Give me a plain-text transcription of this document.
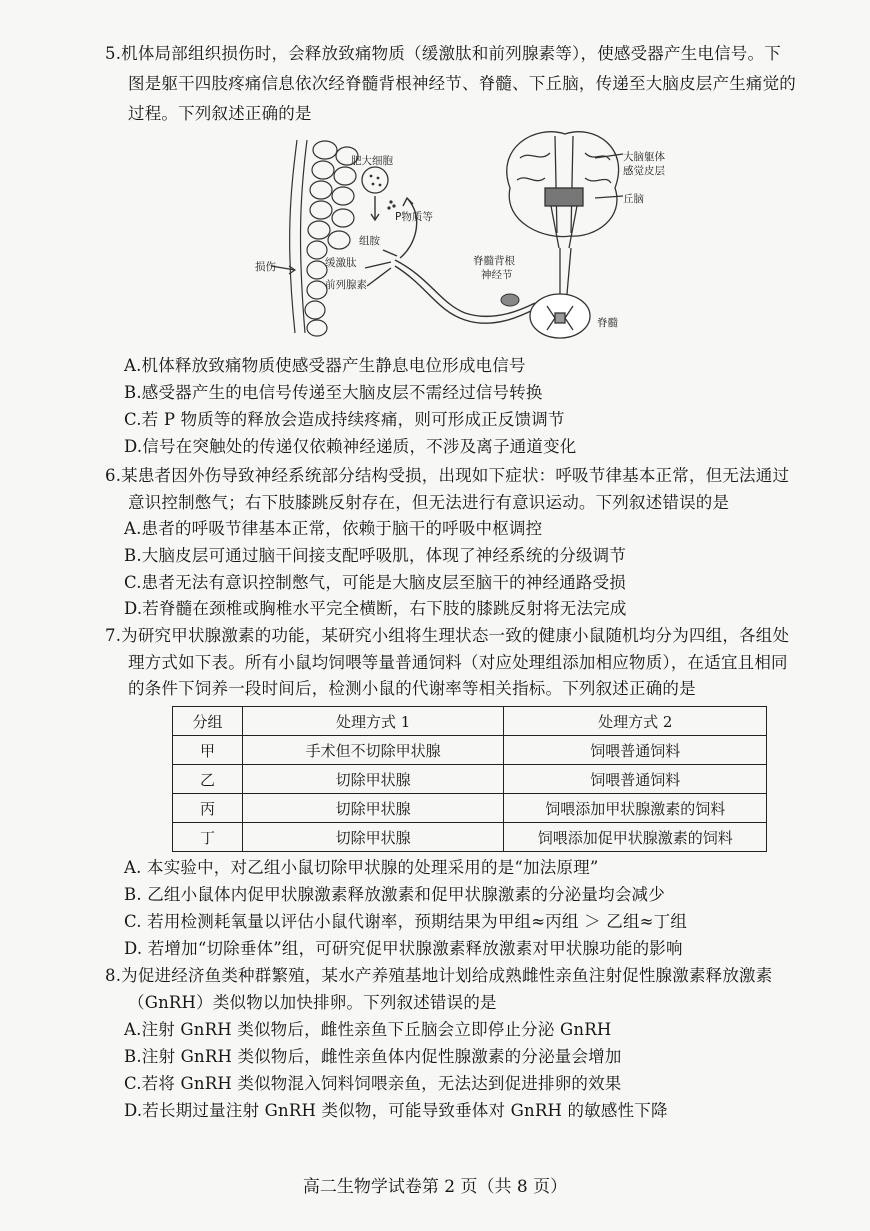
5.机体局部组织损伤时，会释放致痛物质（缓激肽和前列腺素等），使感受器产生电信号。下
图是躯干四肢疼痛信息依次经脊髓背根神经节、脊髓、下丘脑，传递至大脑皮层产生痛觉的
过程。下列叙述正确的是
肥大细胞
P物质等
组胺
缓激肽
前列腺素
损伤
大脑躯体
感觉皮层
丘脑
脊髓背根
神经节
脊髓
A.机体释放致痛物质使感受器产生静息电位形成电信号
B.感受器产生的电信号传递至大脑皮层不需经过信号转换
C.若 P 物质等的释放会造成持续疼痛，则可形成正反馈调节
D.信号在突触处的传递仅依赖神经递质，不涉及离子通道变化
6.某患者因外伤导致神经系统部分结构受损，出现如下症状：呼吸节律基本正常，但无法通过
意识控制憋气；右下肢膝跳反射存在，但无法进行有意识运动。下列叙述错误的是
A.患者的呼吸节律基本正常，依赖于脑干的呼吸中枢调控
B.大脑皮层可通过脑干间接支配呼吸肌，体现了神经系统的分级调节
C.患者无法有意识控制憋气，可能是大脑皮层至脑干的神经通路受损
D.若脊髓在颈椎或胸椎水平完全横断，右下肢的膝跳反射将无法完成
7.为研究甲状腺激素的功能，某研究小组将生理状态一致的健康小鼠随机均分为四组，各组处
理方式如下表。所有小鼠均饲喂等量普通饲料（对应处理组添加相应物质），在适宜且相同
的条件下饲养一段时间后，检测小鼠的代谢率等相关指标。下列叙述正确的是
分组	处理方式 1	处理方式 2
甲	手术但不切除甲状腺	饲喂普通饲料
乙	切除甲状腺	饲喂普通饲料
丙	切除甲状腺	饲喂添加甲状腺激素的饲料
丁	切除甲状腺	饲喂添加促甲状腺激素的饲料
A. 本实验中，对乙组小鼠切除甲状腺的处理采用的是“加法原理”
B. 乙组小鼠体内促甲状腺激素释放激素和促甲状腺激素的分泌量均会减少
C. 若用检测耗氧量以评估小鼠代谢率，预期结果为甲组≈丙组 ＞ 乙组≈丁组
D. 若增加“切除垂体”组，可研究促甲状腺激素释放激素对甲状腺功能的影响
8.为促进经济鱼类种群繁殖，某水产养殖基地计划给成熟雌性亲鱼注射促性腺激素释放激素
（GnRH）类似物以加快排卵。下列叙述错误的是
A.注射 GnRH 类似物后，雌性亲鱼下丘脑会立即停止分泌 GnRH
B.注射 GnRH 类似物后，雌性亲鱼体内促性腺激素的分泌量会增加
C.若将 GnRH 类似物混入饲料饲喂亲鱼，无法达到促进排卵的效果
D.若长期过量注射 GnRH 类似物，可能导致垂体对 GnRH 的敏感性下降
高二生物学试卷第 2 页（共 8 页）
